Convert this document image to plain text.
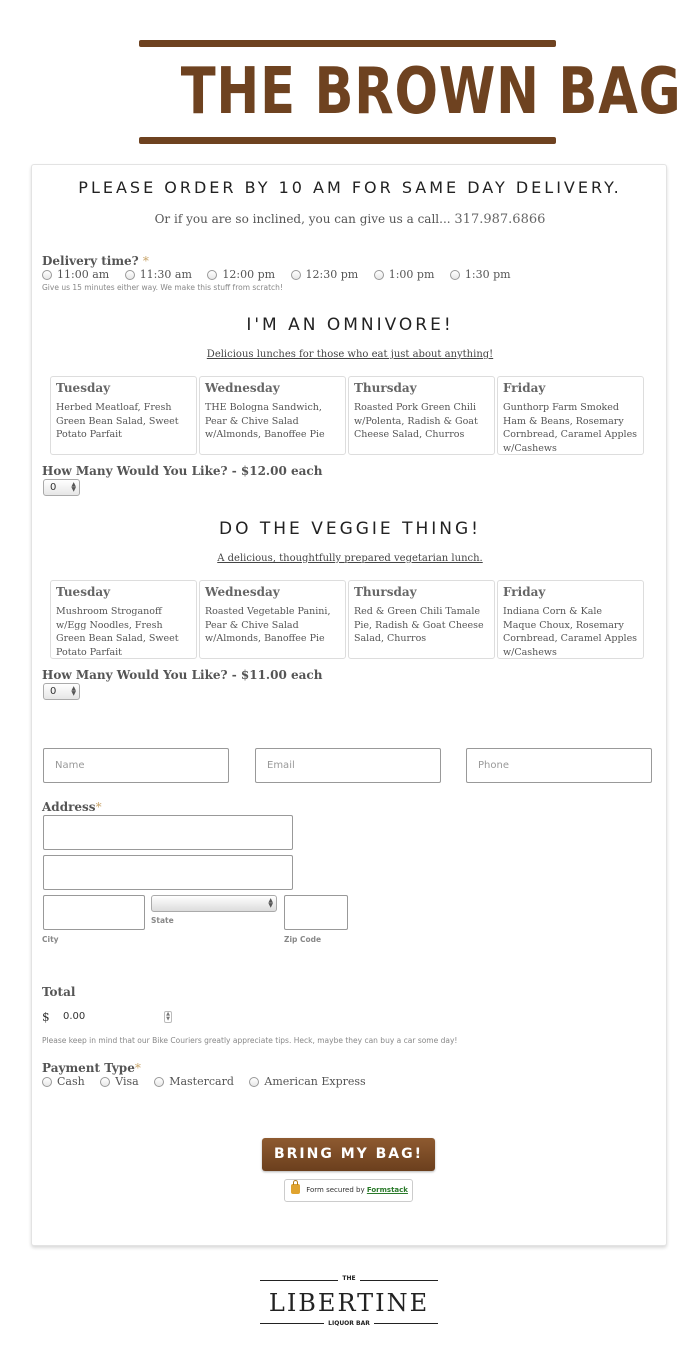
THE BROWN BAG
PLEASE ORDER BY 10 AM FOR SAME DAY DELIVERY.
Or if you are so inclined, you can give us a call... 317.987.6866
Delivery time? *
11:00 am
	11:30 am
	12:00 pm
	12:30 pm
	1:00 pm
	1:30 pm
Give us 15 minutes either way. We make this stuff from scratch!
I'M AN OMNIVORE!
Delicious lunches for those who eat just about anything!
Tuesday
Herbed Meatloaf, Fresh Green Bean Salad, Sweet Potato Parfait
Wednesday
THE Bologna Sandwich, Pear & Chive Salad w/Almonds, Banoffee Pie
Thursday
Roasted Pork Green Chili w/Polenta, Radish & Goat Cheese Salad, Churros
Friday
Gunthorp Farm Smoked Ham & Beans, Rosemary Cornbread, Caramel Apples w/Cashews
How Many Would You Like? - $12.00 each
0	▲
▼
DO THE VEGGIE THING!
A delicious, thoughtfully prepared vegetarian lunch.
Tuesday
Mushroom Stroganoff w/Egg Noodles, Fresh Green Bean Salad, Sweet Potato Parfait
Wednesday
Roasted Vegetable Panini, Pear & Chive Salad w/Almonds, Banoffee Pie
Thursday
Red & Green Chili Tamale Pie, Radish & Goat Cheese Salad, Churros
Friday
Indiana Corn & Kale Maque Choux, Rosemary Cornbread, Caramel Apples w/Cashews
How Many Would You Like? - $11.00 each
0	▲
▼
Name	Email	Phone
Address*
▲
▼
State
City	Zip Code
Total
$ 0.00	▲
▼
Please keep in mind that our Bike Couriers greatly appreciate tips. Heck, maybe they can buy a car some day!
Payment Type*
Cash
	Visa
	Mastercard
	American Express
BRING MY BAG!
Form secured by Formstack
THE
LIBERTINE
LIQUOR BAR
